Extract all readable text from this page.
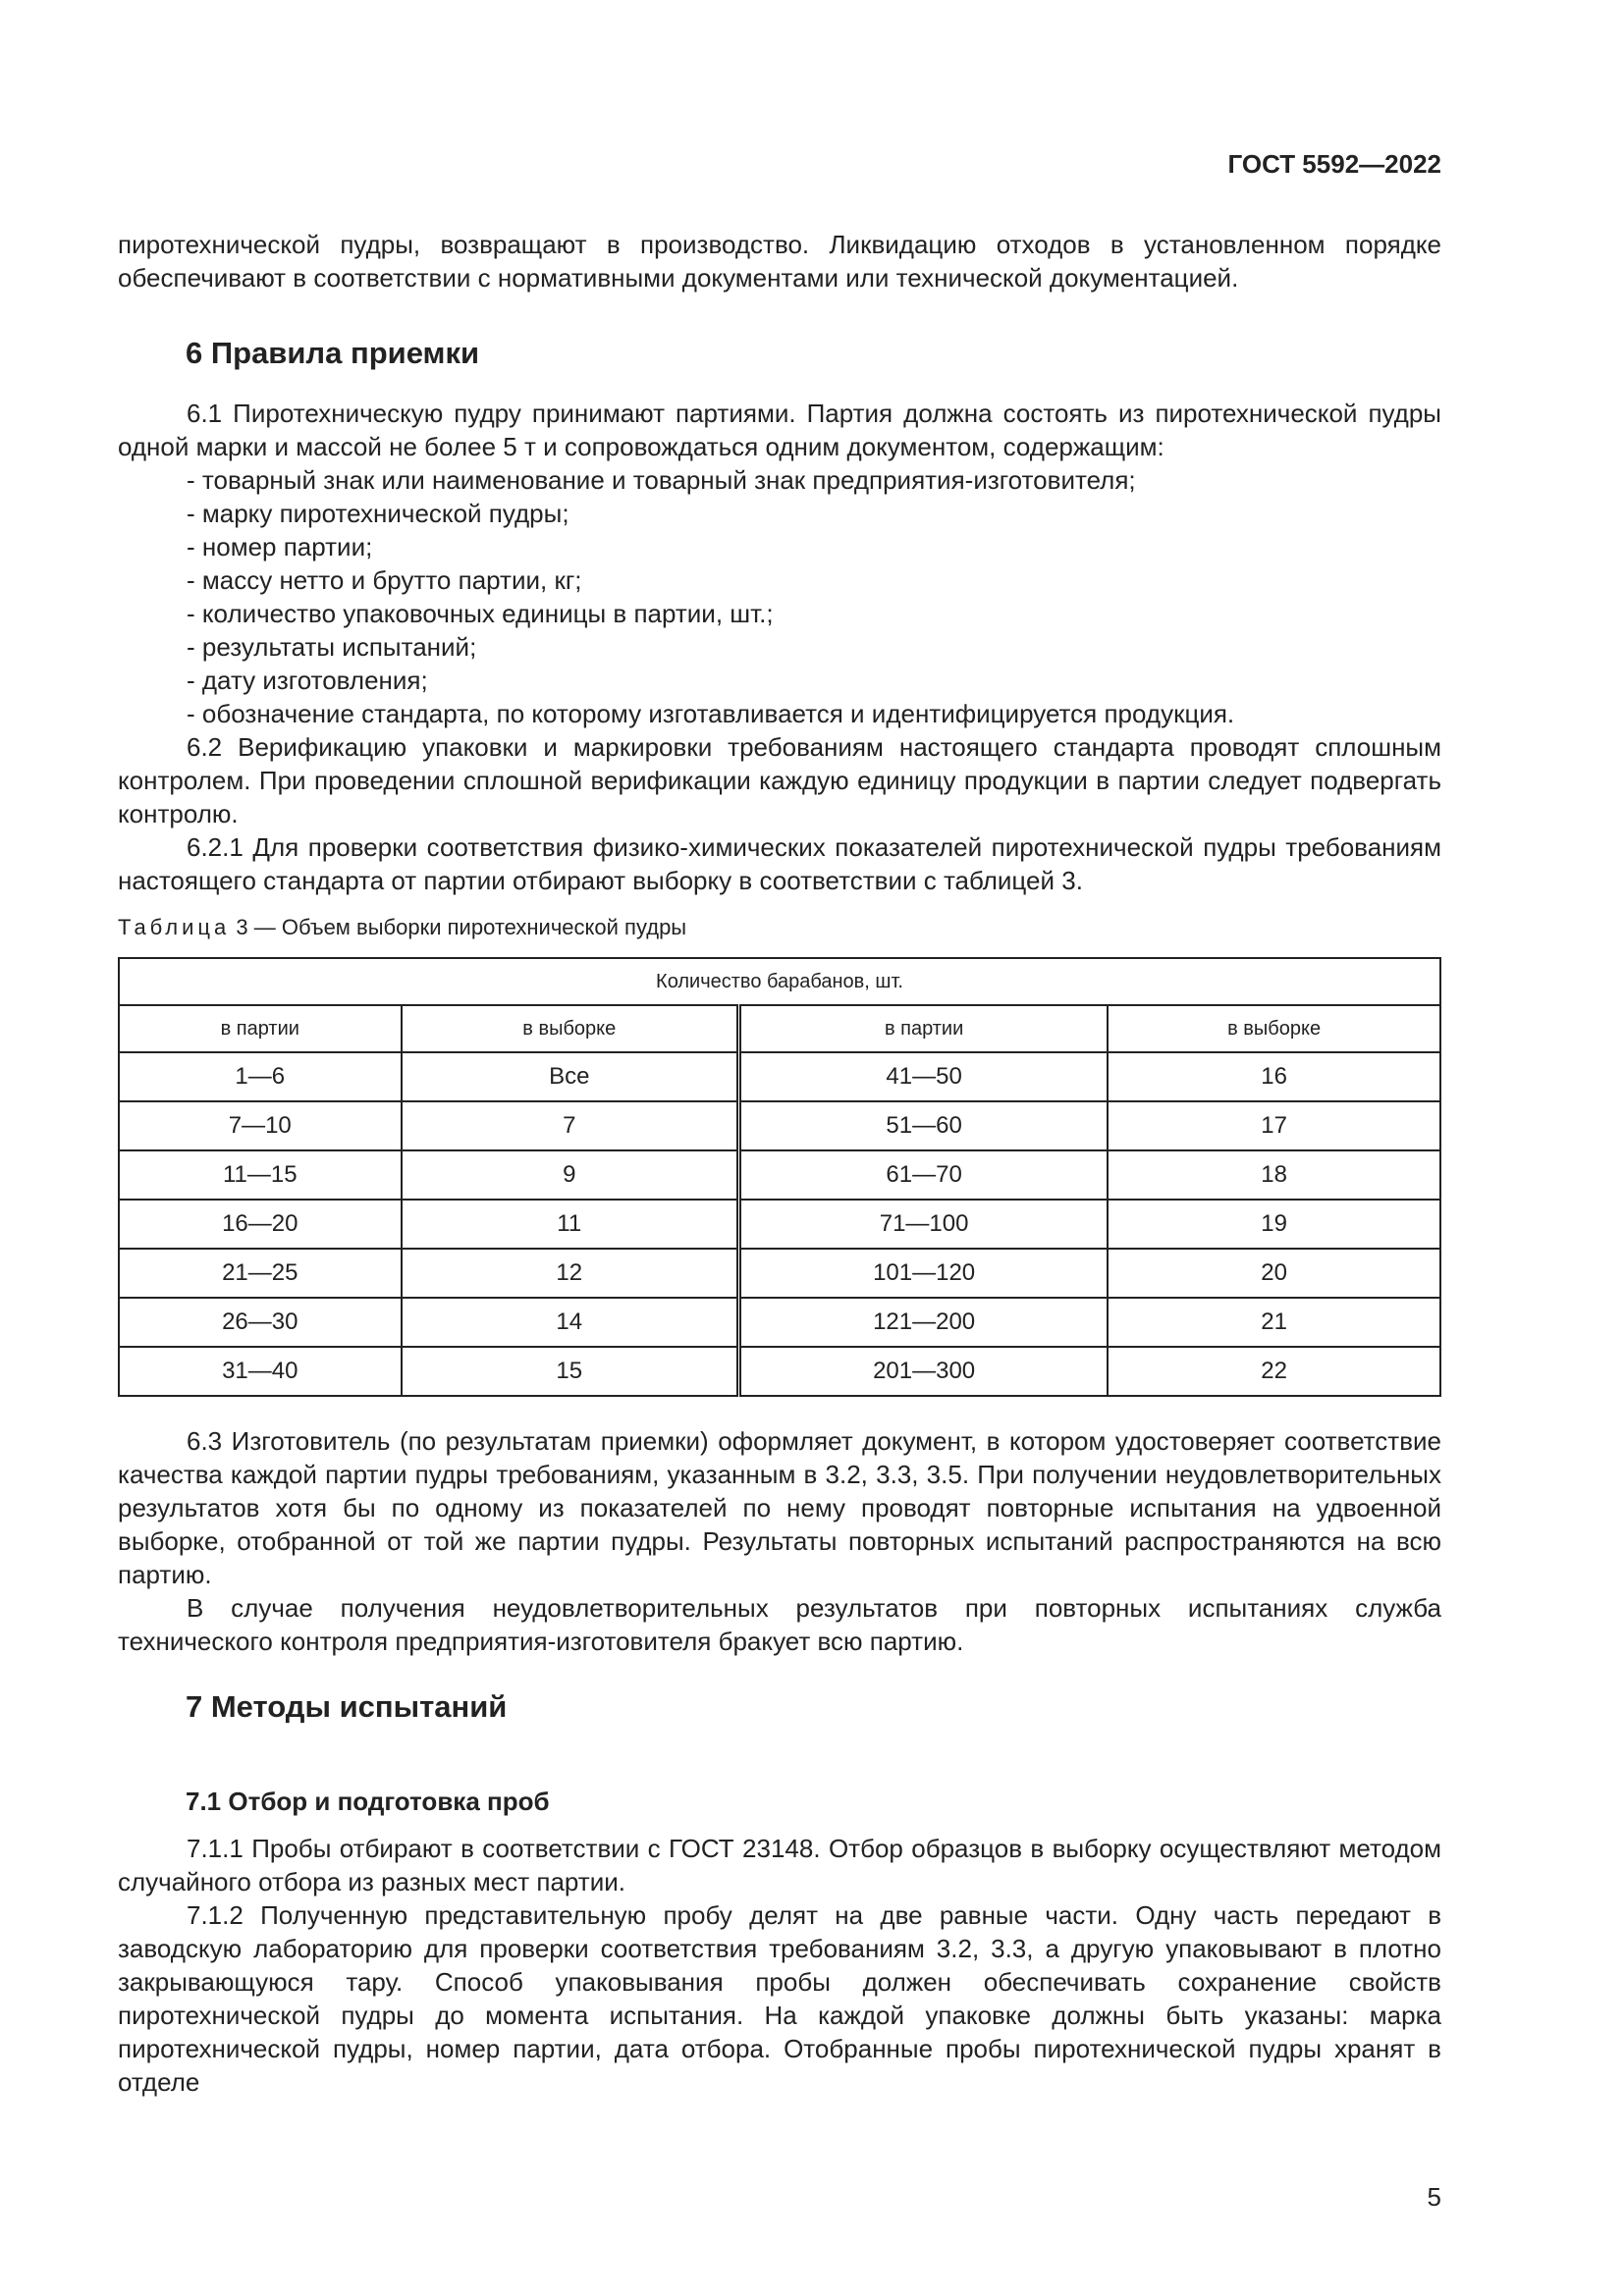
ГОСТ 5592—2022

пиротехнической пудры, возвращают в производство. Ликвидацию отходов в установленном порядке обеспечивают в соответствии с нормативными документами или технической документацией.

6 Правила приемки

6.1 Пиротехническую пудру принимают партиями. Партия должна состоять из пиротехнической пудры одной марки и массой не более 5 т и сопровождаться одним документом, содержащим:

- товарный знак или наименование и товарный знак предприятия-изготовителя;

- марку пиротехнической пудры;

- номер партии;

- массу нетто и брутто партии, кг;

- количество упаковочных единицы в партии, шт.;

- результаты испытаний;

- дату изготовления;

- обозначение стандарта, по которому изготавливается и идентифицируется продукция.

6.2 Верификацию упаковки и маркировки требованиям настоящего стандарта проводят сплошным контролем. При проведении сплошной верификации каждую единицу продукции в партии следует подвергать контролю.

6.2.1 Для проверки соответствия физико-химических показателей пиротехнической пудры требованиям настоящего стандарта от партии отбирают выборку в соответствии с таблицей 3.

Таблица 3 — Объем выборки пиротехнической пудры
Количество барабанов, шт.			
в партии	в выборке	в партии	в выборке
1—6	Все	41—50	16
7—10	7	51—60	17
11—15	9	61—70	18
16—20	11	71—100	19
21—25	12	101—120	20
26—30	14	121—200	21
31—40	15	201—300	22

6.3 Изготовитель (по результатам приемки) оформляет документ, в котором удостоверяет соответствие качества каждой партии пудры требованиям, указанным в 3.2, 3.3, 3.5. При получении неудовлетворительных результатов хотя бы по одному из показателей по нему проводят повторные испытания на удвоенной выборке, отобранной от той же партии пудры. Результаты повторных испытаний распространяются на всю партию.

В случае получения неудовлетворительных результатов при повторных испытаниях служба технического контроля предприятия-изготовителя бракует всю партию.

7 Методы испытаний
7.1 Отбор и подготовка проб

7.1.1 Пробы отбирают в соответствии с ГОСТ 23148. Отбор образцов в выборку осуществляют методом случайного отбора из разных мест партии.

7.1.2 Полученную представительную пробу делят на две равные части. Одну часть передают в заводскую лабораторию для проверки соответствия требованиям 3.2, 3.3, а другую упаковывают в плотно закрывающуюся тару. Способ упаковывания пробы должен обеспечивать сохранение свойств пиротехнической пудры до момента испытания. На каждой упаковке должны быть указаны: марка пиротехнической пудры, номер партии, дата отбора. Отобранные пробы пиротехнической пудры хранят в отделе

5
